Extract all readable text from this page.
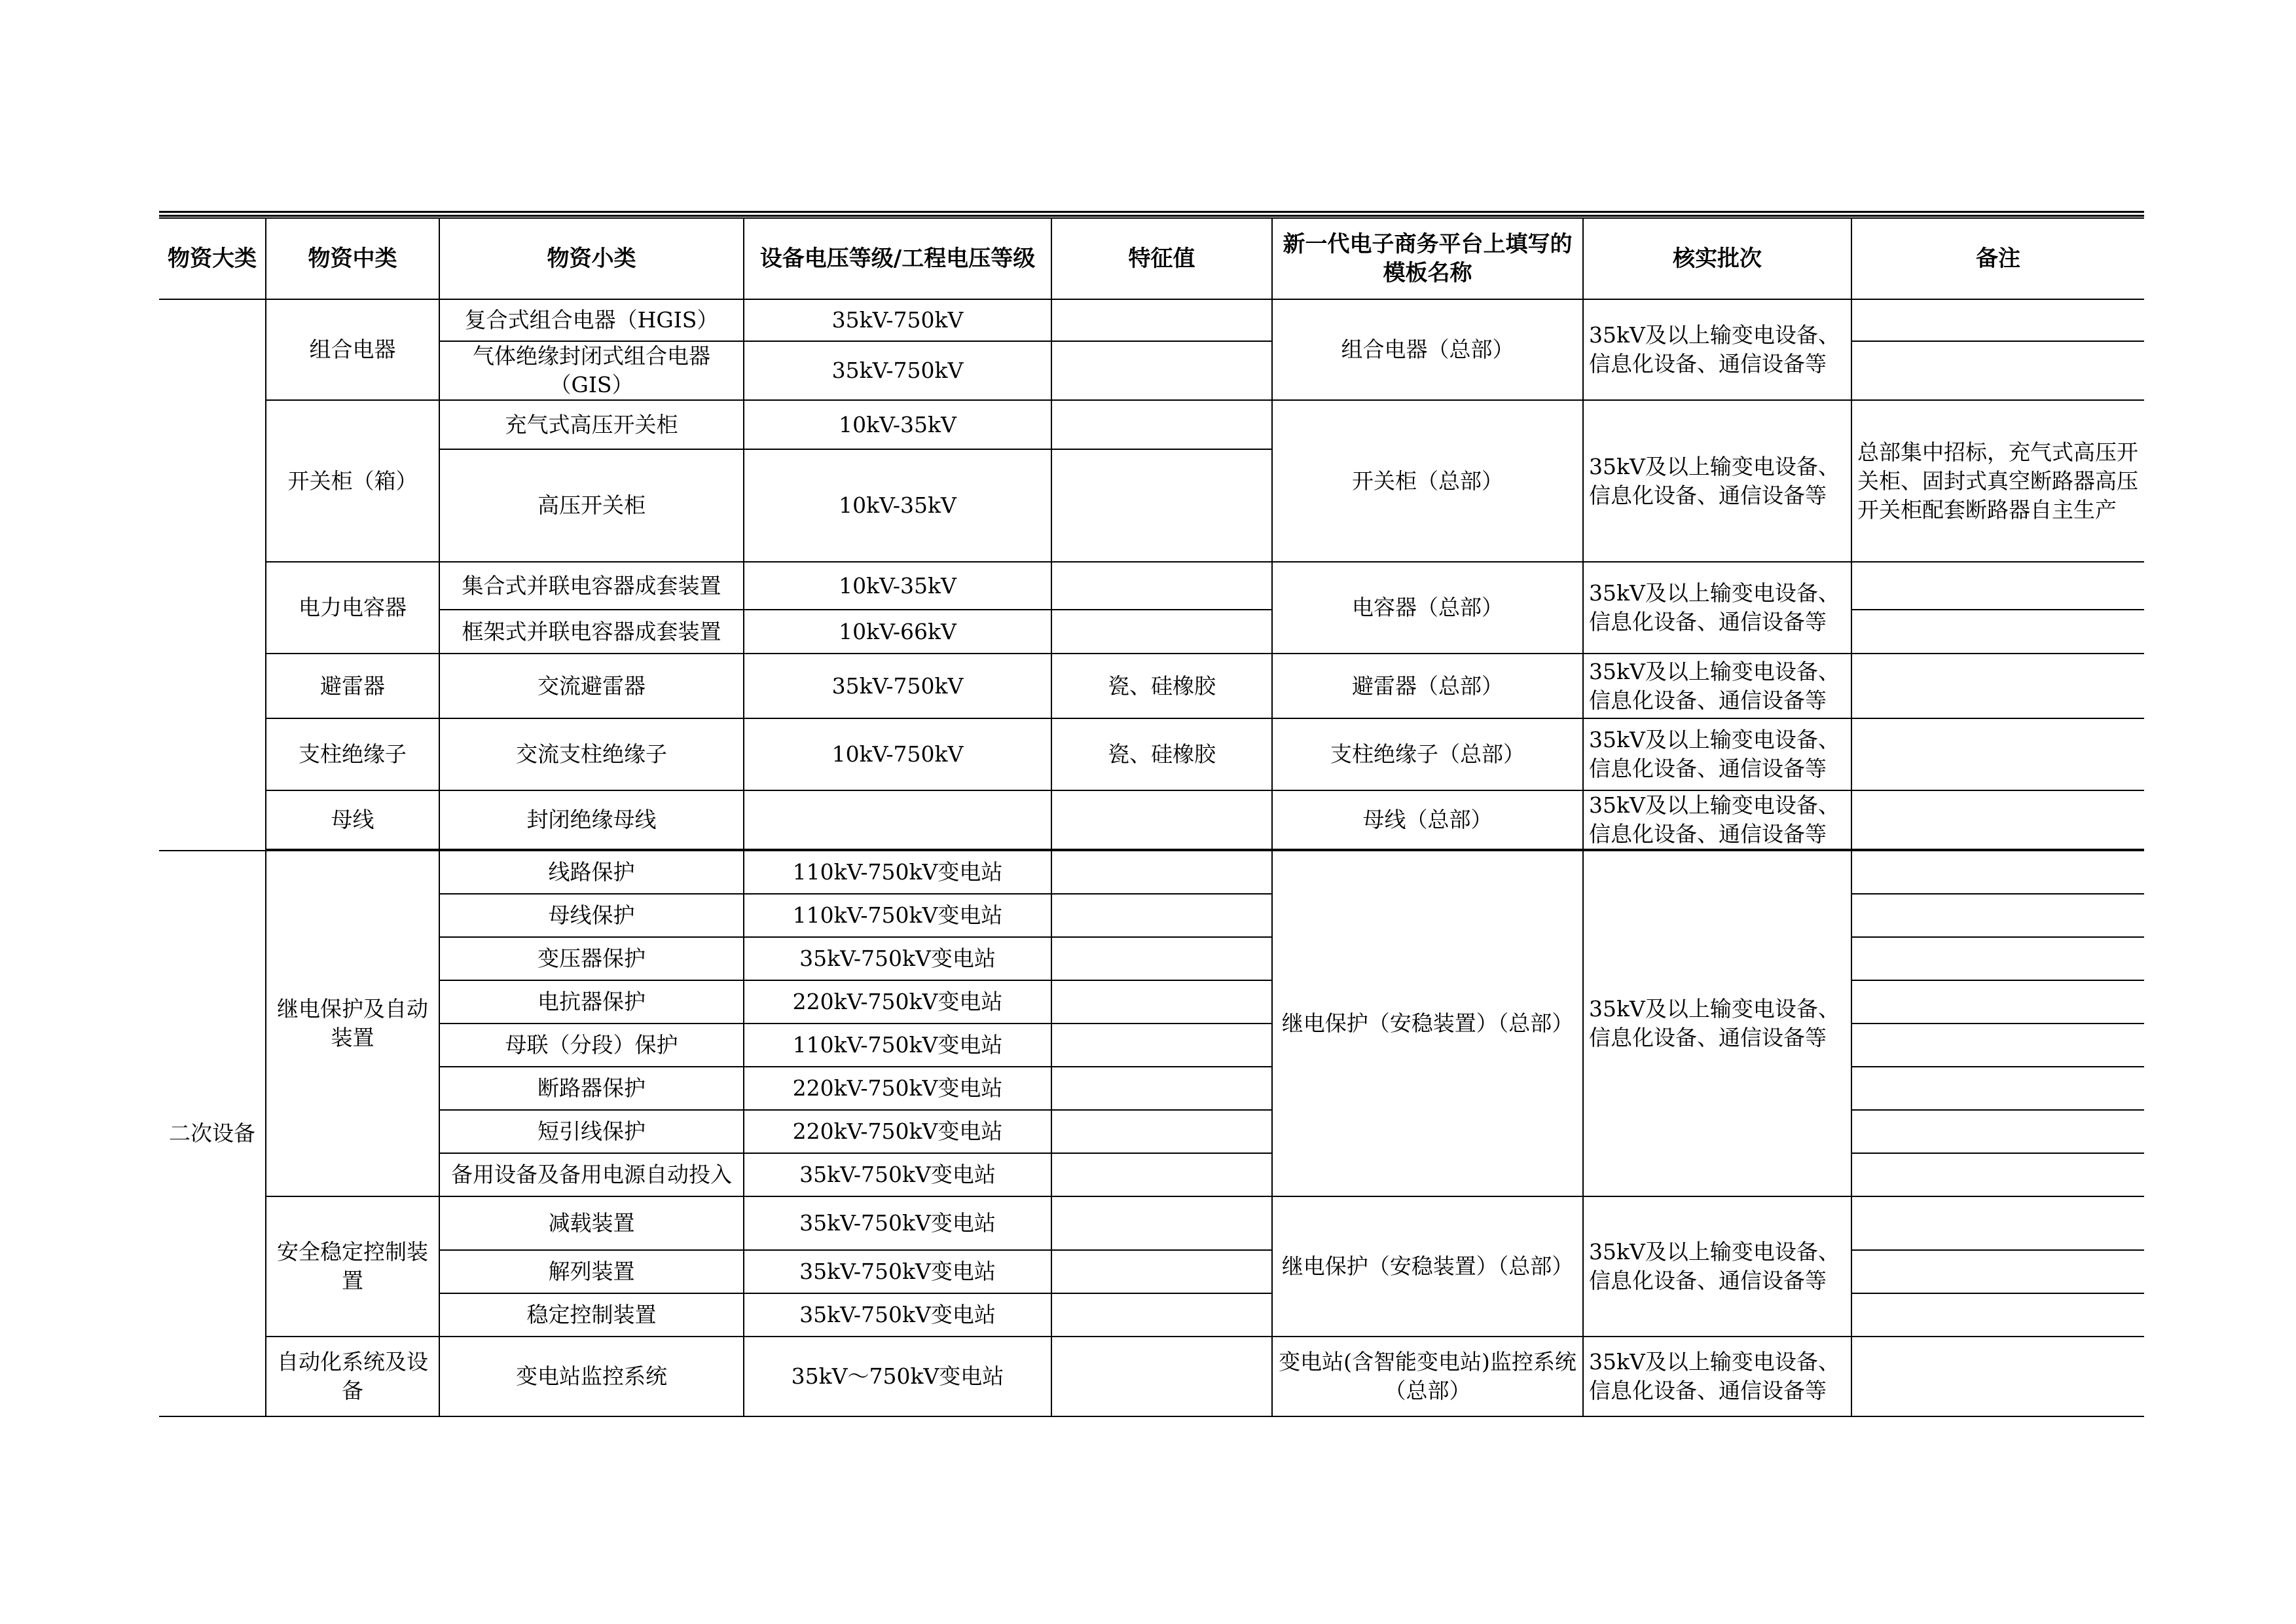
物资大类	物资中类	物资小类	设备电压等级/工程电压等级	特征值	新一代电子商务平台上填写的模板名称	核实批次	备注
	组合电器	复合式组合电器（HGIS）	35kV-750kV		组合电器（总部）	35kV及以上输变电设备、信息化设备、通信设备等	
		气体绝缘封闭式组合电器（GIS）	35kV-750kV				
	开关柜（箱）	充气式高压开关柜	10kV-35kV		开关柜（总部）	35kV及以上输变电设备、信息化设备、通信设备等	总部集中招标，充气式高压开关柜、固封式真空断路器高压开关柜配套断路器自主生产
		高压开关柜	10kV-35kV				
	电力电容器	集合式并联电容器成套装置	10kV-35kV		电容器（总部）	35kV及以上输变电设备、信息化设备、通信设备等	
		框架式并联电容器成套装置	10kV-66kV				
	避雷器	交流避雷器	35kV-750kV	瓷、硅橡胶	避雷器（总部）	35kV及以上输变电设备、信息化设备、通信设备等	
	支柱绝缘子	交流支柱绝缘子	10kV-750kV	瓷、硅橡胶	支柱绝缘子（总部）	35kV及以上输变电设备、信息化设备、通信设备等	
	母线	封闭绝缘母线			母线（总部）	35kV及以上输变电设备、信息化设备、通信设备等	

二次设备	继电保护及自动装置	线路保护	110kV-750kV变电站		继电保护（安稳装置）（总部）	35kV及以上输变电设备、信息化设备、通信设备等	
		母线保护	110kV-750kV变电站				
		变压器保护	35kV-750kV变电站				
		电抗器保护	220kV-750kV变电站				
		母联（分段）保护	110kV-750kV变电站				
		断路器保护	220kV-750kV变电站				
		短引线保护	220kV-750kV变电站				
		备用设备及备用电源自动投入	35kV-750kV变电站				
	安全稳定控制装置	减载装置	35kV-750kV变电站		继电保护（安稳装置）（总部）	35kV及以上输变电设备、信息化设备、通信设备等	
		解列装置	35kV-750kV变电站				
		稳定控制装置	35kV-750kV变电站				
	自动化系统及设备	变电站监控系统	35kV～750kV变电站		变电站(含智能变电站)监控系统（总部）	35kV及以上输变电设备、信息化设备、通信设备等	
